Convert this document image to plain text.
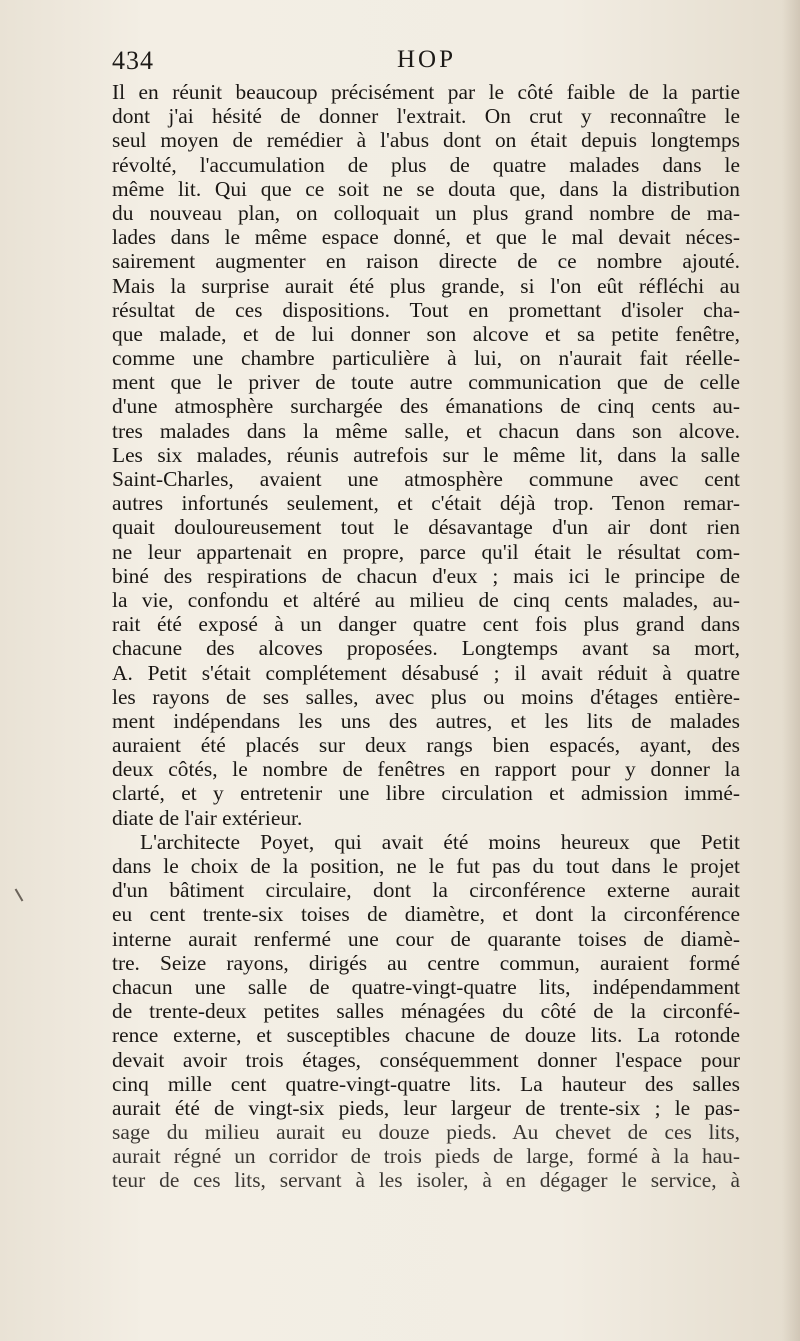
434	HOP
Il en réunit beaucoup précisément par le côté faible de la partie
dont j'ai hésité de donner l'extrait. On crut y reconnaître le
seul moyen de remédier à l'abus dont on était depuis longtemps
révolté, l'accumulation de plus de quatre malades dans le
même lit. Qui que ce soit ne se douta que, dans la distribution
du nouveau plan, on colloquait un plus grand nombre de ma-
lades dans le même espace donné, et que le mal devait néces-
sairement augmenter en raison directe de ce nombre ajouté.
Mais la surprise aurait été plus grande, si l'on eût réfléchi au
résultat de ces dispositions. Tout en promettant d'isoler cha-
que malade, et de lui donner son alcove et sa petite fenêtre,
comme une chambre particulière à lui, on n'aurait fait réelle-
ment que le priver de toute autre communication que de celle
d'une atmosphère surchargée des émanations de cinq cents au-
tres malades dans la même salle, et chacun dans son alcove.
Les six malades, réunis autrefois sur le même lit, dans la salle
Saint-Charles, avaient une atmosphère commune avec cent
autres infortunés seulement, et c'était déjà trop. Tenon remar-
quait douloureusement tout le désavantage d'un air dont rien
ne leur appartenait en propre, parce qu'il était le résultat com-
biné des respirations de chacun d'eux ; mais ici le principe de
la vie, confondu et altéré au milieu de cinq cents malades, au-
rait été exposé à un danger quatre cent fois plus grand dans
chacune des alcoves proposées. Longtemps avant sa mort,
A. Petit s'était complétement désabusé ; il avait réduit à quatre
les rayons de ses salles, avec plus ou moins d'étages entière-
ment indépendans les uns des autres, et les lits de malades
auraient été placés sur deux rangs bien espacés, ayant, des
deux côtés, le nombre de fenêtres en rapport pour y donner la
clarté, et y entretenir une libre circulation et admission immé-
diate de l'air extérieur.
L'architecte Poyet, qui avait été moins heureux que Petit
dans le choix de la position, ne le fut pas du tout dans le projet
d'un bâtiment circulaire, dont la circonférence externe aurait
eu cent trente-six toises de diamètre, et dont la circonférence
interne aurait renfermé une cour de quarante toises de diamè-
tre. Seize rayons, dirigés au centre commun, auraient formé
chacun une salle de quatre-vingt-quatre lits, indépendamment
de trente-deux petites salles ménagées du côté de la circonfé-
rence externe, et susceptibles chacune de douze lits. La rotonde
devait avoir trois étages, conséquemment donner l'espace pour
cinq mille cent quatre-vingt-quatre lits. La hauteur des salles
aurait été de vingt-six pieds, leur largeur de trente-six ; le pas-
sage du milieu aurait eu douze pieds. Au chevet de ces lits,
aurait régné un corridor de trois pieds de large, formé à la hau-
teur de ces lits, servant à les isoler, à en dégager le service, à
